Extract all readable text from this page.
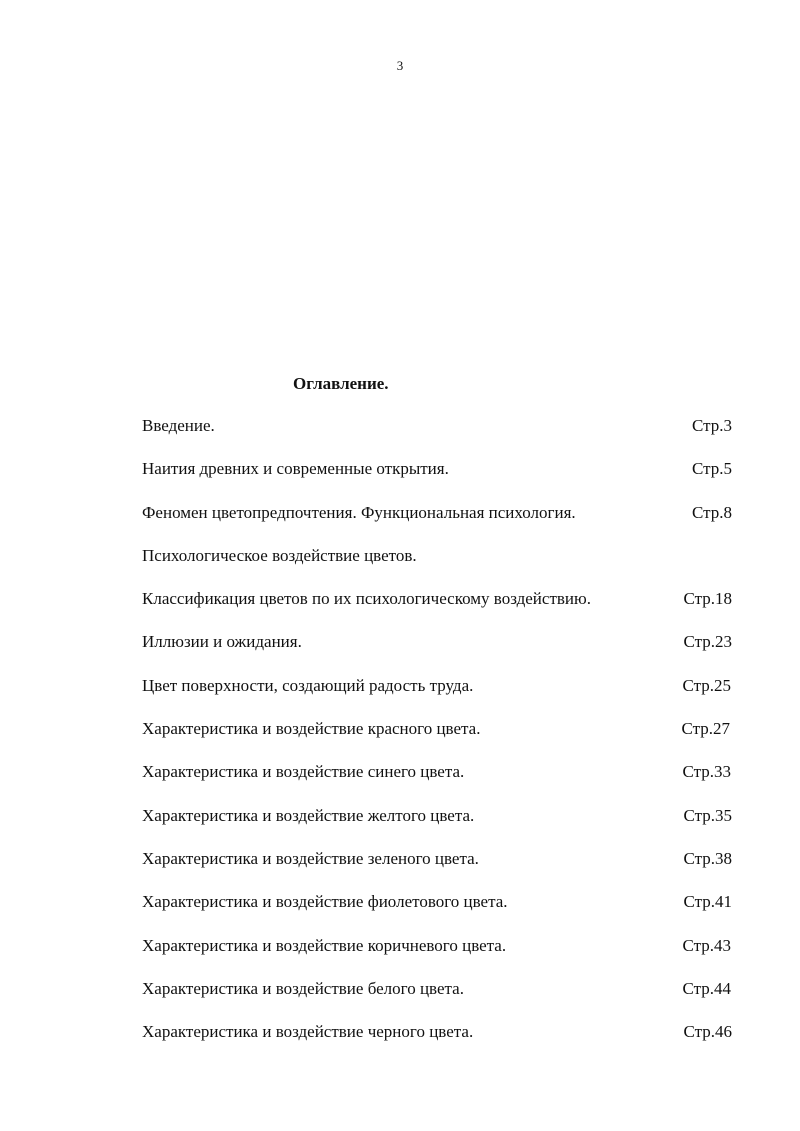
3
Оглавление.
Введение.	Стр.3
Наития древних и современные открытия.	Стр.5
Феномен цветопредпочтения. Функциональная психология.	Стр.8
Психологическое воздействие цветов.
Классификация цветов по их психологическому воздействию.	Стр.18
Иллюзии и ожидания.	Стр.23
Цвет поверхности, создающий радость труда.	Стр.25
Характеристика и воздействие красного цвета.	Стр.27
Характеристика и воздействие синего цвета.	Стр.33
Характеристика и воздействие желтого цвета.	Стр.35
Характеристика и воздействие зеленого цвета.	Стр.38
Характеристика и воздействие фиолетового цвета.	Стр.41
Характеристика и воздействие коричневого цвета.	Стр.43
Характеристика и воздействие белого цвета.	Стр.44
Характеристика и воздействие черного цвета.	Стр.46
